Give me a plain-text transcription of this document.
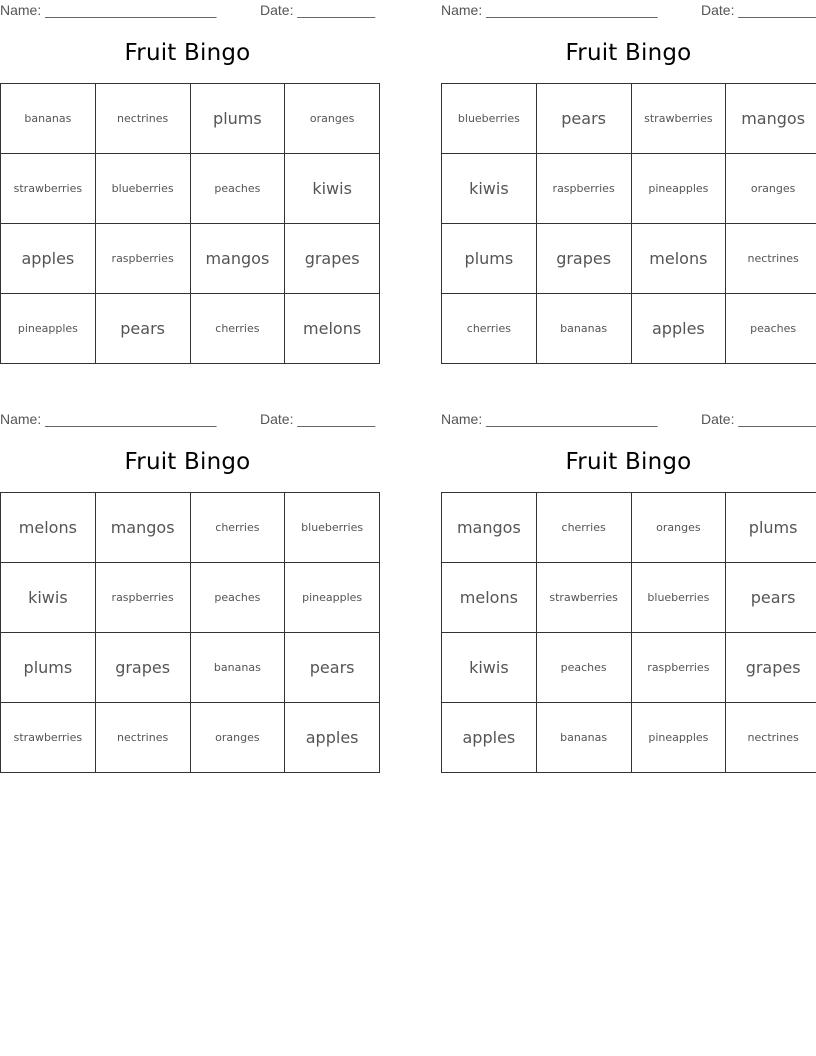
Name: ______________________	Date: __________
Fruit Bingo
bananas	nectrines	plums	oranges
strawberries	blueberries	peaches	kiwis
apples	raspberries	mangos	grapes
pineapples	pears	cherries	melons
Name: ______________________	Date: __________
Fruit Bingo
blueberries	pears	strawberries	mangos
kiwis	raspberries	pineapples	oranges
plums	grapes	melons	nectrines
cherries	bananas	apples	peaches
Name: ______________________	Date: __________
Fruit Bingo
melons	mangos	cherries	blueberries
kiwis	raspberries	peaches	pineapples
plums	grapes	bananas	pears
strawberries	nectrines	oranges	apples
Name: ______________________	Date: __________
Fruit Bingo
mangos	cherries	oranges	plums
melons	strawberries	blueberries	pears
kiwis	peaches	raspberries	grapes
apples	bananas	pineapples	nectrines
